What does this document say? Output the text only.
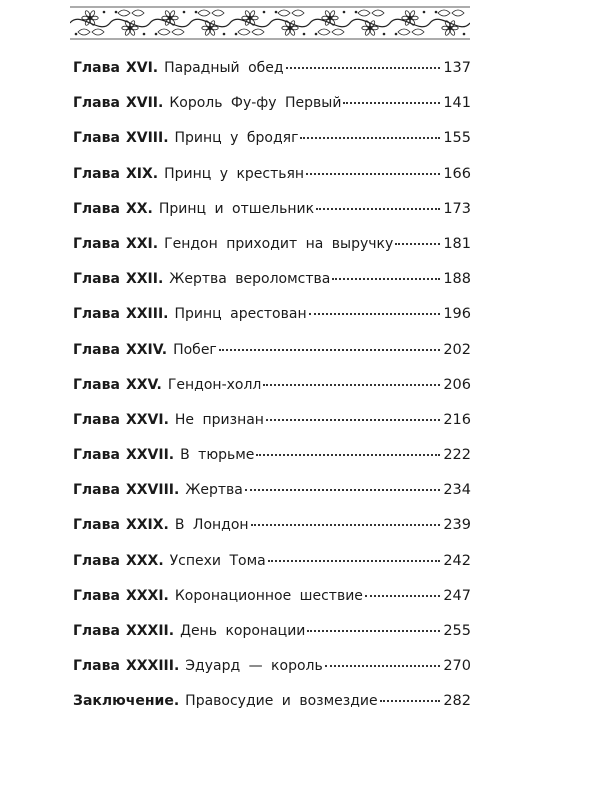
Глава XVI. Парадный обед	137
Глава XVII. Король Фу-фу Первый	141
Глава XVIII. Принц у бродяг	155
Глава XIX. Принц у крестьян	166
Глава XX. Принц и отшельник	173
Глава XXI. Гендон приходит на выручку	181
Глава XXII. Жертва вероломства	188
Глава XXIII. Принц арестован	196
Глава XXIV. Побег	202
Глава XXV. Гендон-холл	206
Глава XXVI. Не признан	216
Глава XXVII. В тюрьме	222
Глава XXVIII. Жертва	234
Глава XXIX. В Лондон	239
Глава XXX. Успехи Тома	242
Глава XXXI. Коронационное шествие	247
Глава XXXII. День коронации	255
Глава XXXIII. Эдуард — король	270
Заключение. Правосудие и возмездие	282
